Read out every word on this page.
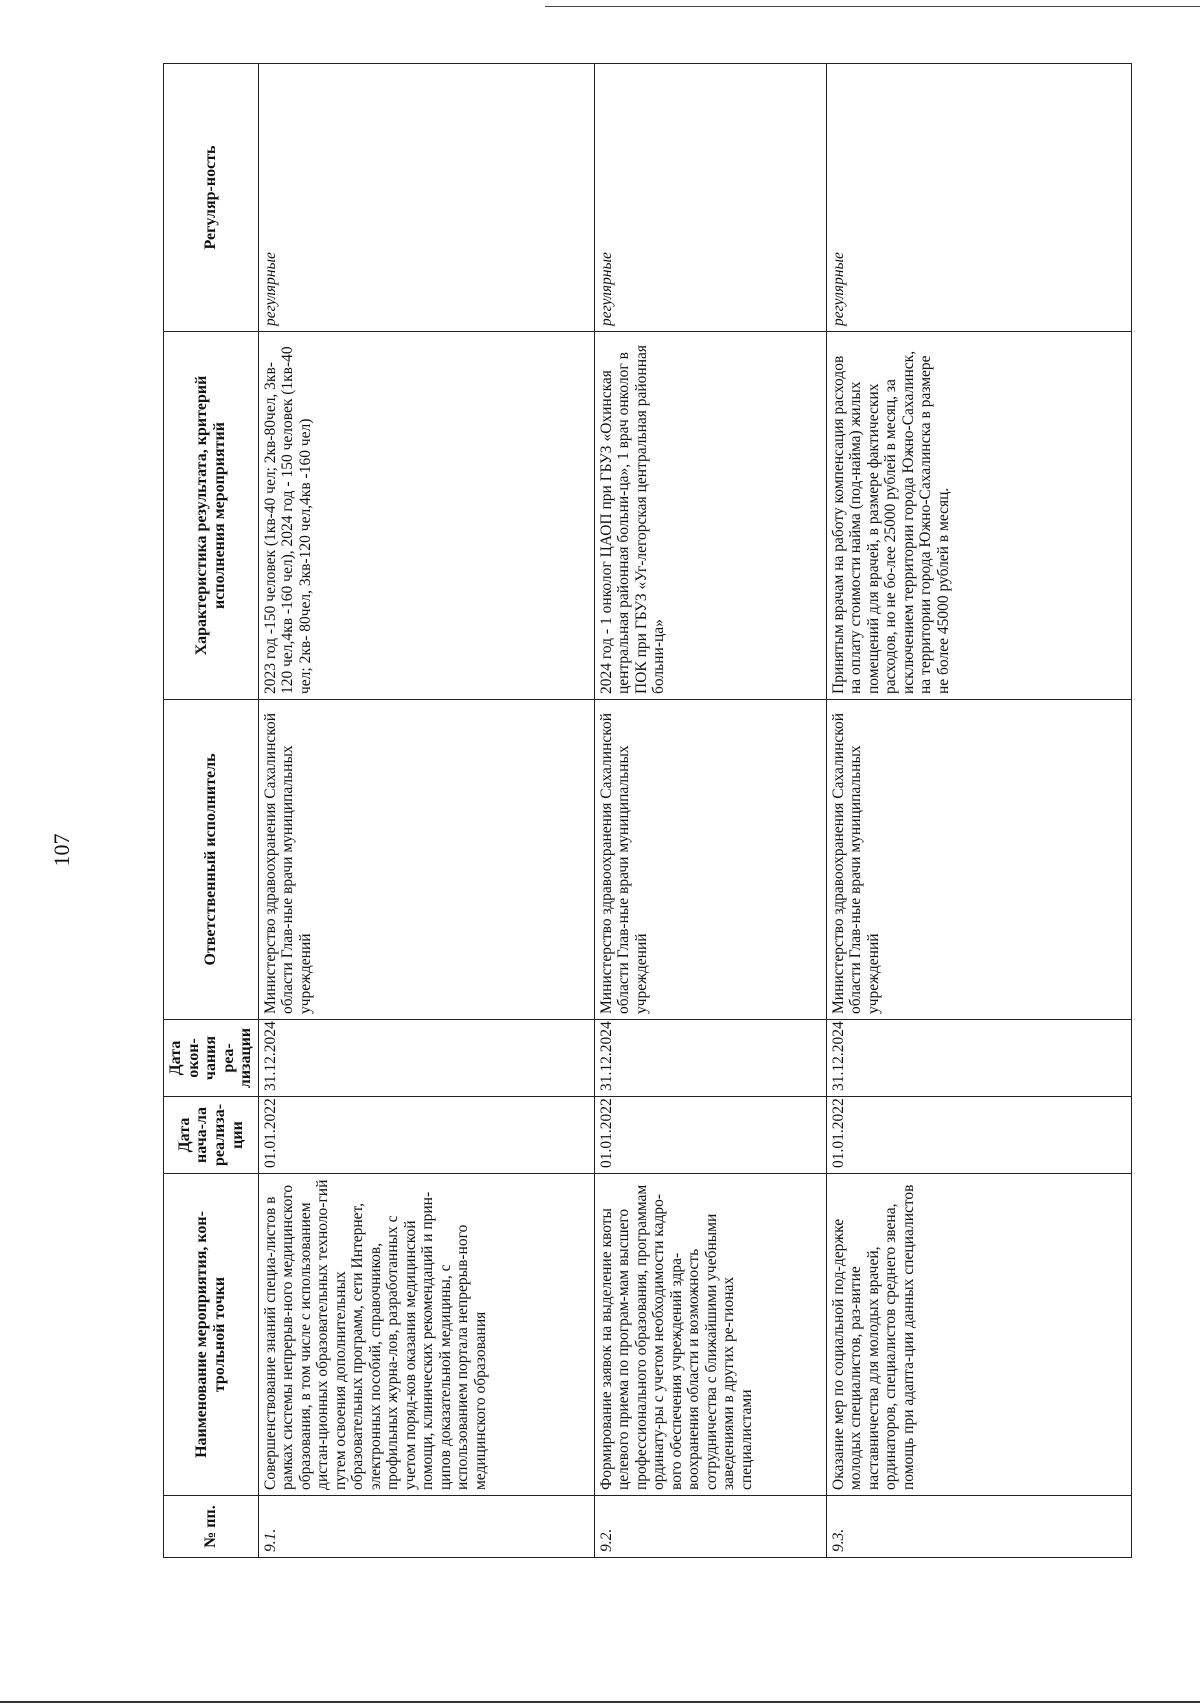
107
№ пп.	Наименование мероприятия, кон-трольной точки	Дата нача-ла реализа-ции	Дата окон-чания реа-лизации	Ответственный исполнитель	Характеристика результата, критерий исполнения мероприятий	Регуляр-ность
9.1.	Совершенствование знаний специа-листов в рамках системы непрерыв-ного медицинского образования, в том числе с использованием дистан-ционных образовательных техноло-гий путем освоения дополнительных образовательных программ, сети Интернет, электронных пособий, справочников, профильных журна-лов, разработанных с учетом поряд-ков оказания медицинской помощи, клинических рекомендаций и прин-ципов доказательной медицины, с использованием портала непрерыв-ного медицинского образования	01.01.2022	31.12.2024	Министерство здравоохранения Сахалинской области Глав-ные врачи муниципальных учреждений	2023 год -150 человек (1кв-40 чел; 2кв-80чел, 3кв- 120 чел,4кв -160 чел), 2024 год - 150 человек (1кв-40 чел; 2кв- 80чел, 3кв-120 чел,4кв -160 чел)	регулярные
9.2.	Формирование заявок на выделение квоты целевого приема по програм-мам высшего профессионального образования, программам ординату-ры с учетом необходимости кадро-вого обеспечения учреждений здра-воохранения области и возможность сотрудничества с ближайшими учебными заведениями в других ре-гионах специалистами	01.01.2022	31.12.2024	Министерство здравоохранения Сахалинской области Глав-ные врачи муниципальных учреждений	2024 год - 1 онколог ЦАОП при ГБУЗ «Охинская центральная районная больни-ца», 1 врач онколог в ПОК при ГБУЗ «Уг-легорская центральная районная больни-ца»	регулярные
9.3.	Оказание мер по социальной под-держке молодых специалистов, раз-витие наставничества для молодых врачей, ординаторов, специалистов среднего звена, помощь при адапта-ции данных специалистов	01.01.2022	31.12.2024	Министерство здравоохранения Сахалинской области Глав-ные врачи муниципальных учреждений	Принятым врачам на работу компенсация расходов на оплату стоимости найма (под-найма) жилых помещений для врачей, в размере фактических расходов, но не бо-лее 25000 рублей в месяц, за исключением территории города Южно-Сахалинск, на территории города Южно-Сахалинска в размере не более 45000 рублей в месяц.	регулярные
